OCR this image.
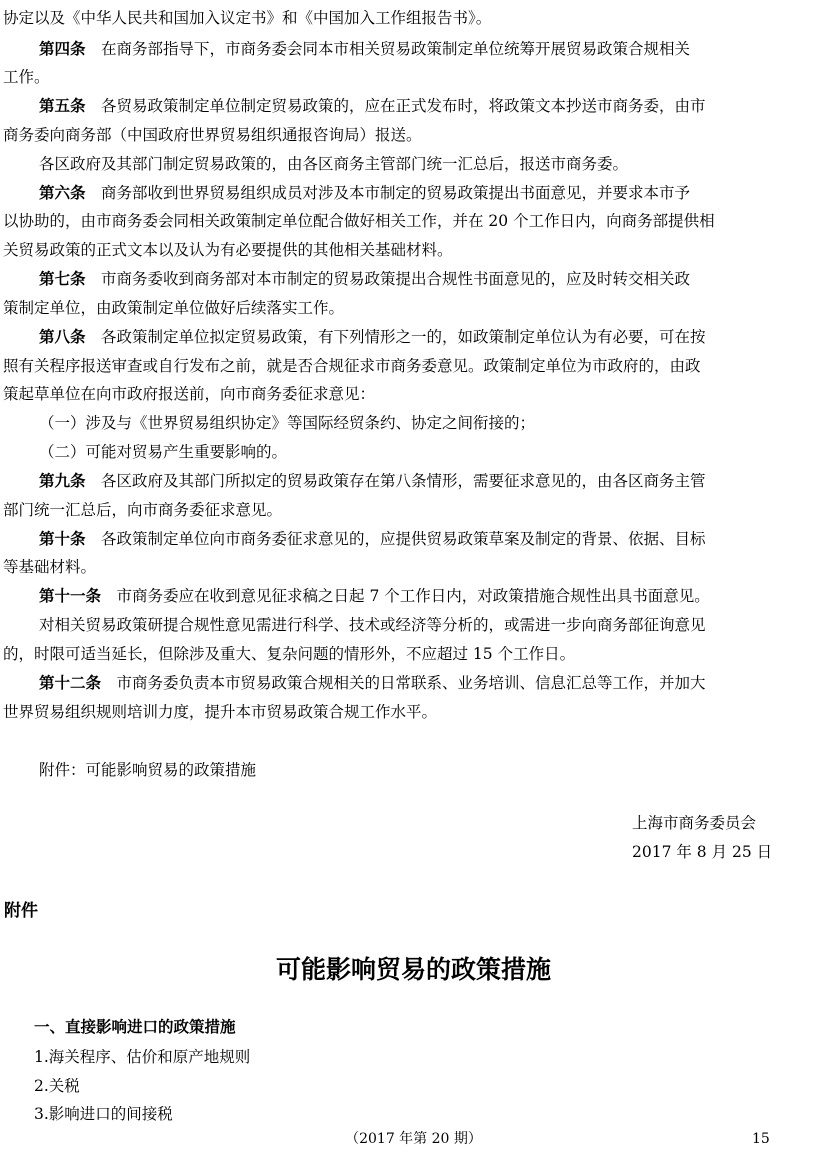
协定以及《中华人民共和国加入议定书》和《中国加入工作组报告书》。

第四条　 在商务部指导下，市商务委会同本市相关贸易政策制定单位统筹开展贸易政策合规相关

工作。

第五条　 各贸易政策制定单位制定贸易政策的，应在正式发布时，将政策文本抄送市商务委，由市

商务委向商务部（中国政府世界贸易组织通报咨询局）报送。

各区政府及其部门制定贸易政策的，由各区商务主管部门统一汇总后，报送市商务委。

第六条　 商务部收到世界贸易组织成员对涉及本市制定的贸易政策提出书面意见，并要求本市予

以协助的，由市商务委会同相关政策制定单位配合做好相关工作，并在 20 个工作日内，向商务部提供相

关贸易政策的正式文本以及认为有必要提供的其他相关基础材料。

第七条　 市商务委收到商务部对本市制定的贸易政策提出合规性书面意见的，应及时转交相关政

策制定单位，由政策制定单位做好后续落实工作。

第八条　 各政策制定单位拟定贸易政策，有下列情形之一的，如政策制定单位认为有必要，可在按

照有关程序报送审查或自行发布之前，就是否合规征求市商务委意见。政策制定单位为市政府的，由政

策起草单位在向市政府报送前，向市商务委征求意见：

（一）涉及与《世界贸易组织协定》等国际经贸条约、协定之间衔接的；

（二）可能对贸易产生重要影响的。

第九条　 各区政府及其部门所拟定的贸易政策存在第八条情形，需要征求意见的，由各区商务主管

部门统一汇总后，向市商务委征求意见。

第十条　 各政策制定单位向市商务委征求意见的，应提供贸易政策草案及制定的背景、依据、目标

等基础材料。

第十一条　 市商务委应在收到意见征求稿之日起 7 个工作日内，对政策措施合规性出具书面意见。

对相关贸易政策研提合规性意见需进行科学、技术或经济等分析的，或需进一步向商务部征询意见

的，时限可适当延长，但除涉及重大、复杂问题的情形外，不应超过 15 个工作日。

第十二条　 市商务委负责本市贸易政策合规相关的日常联系、业务培训、信息汇总等工作，并加大

世界贸易组织规则培训力度，提升本市贸易政策合规工作水平。

附件：可能影响贸易的政策措施

上海市商务委员会
2017 年 8 月 25 日
附件
可能影响贸易的政策措施
一、直接影响进口的政策措施

1.海关程序、估价和原产地规则

2.关税

3.影响进口的间接税

（2017 年第 20 期）	15
